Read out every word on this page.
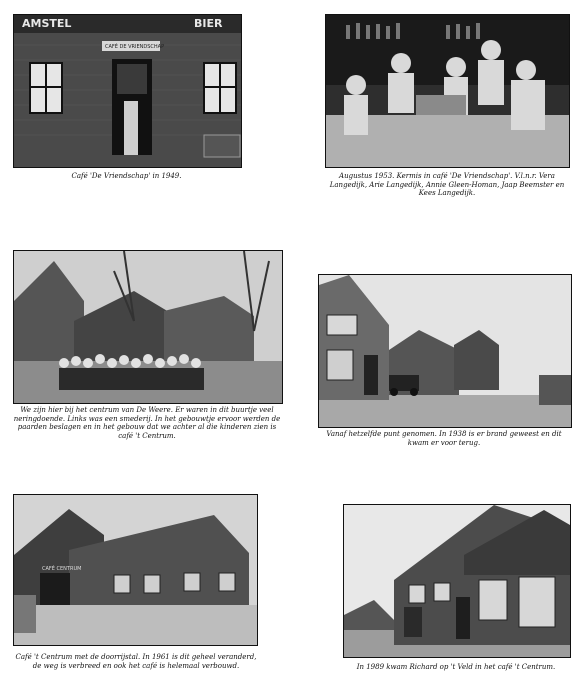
AMSTEL	BIER
CAFÉ DE VRIENDSCHAP
Café 'De Vriendschap' in 1949.	Augustus 1953. Kermis in café 'De Vriendschap'. V.l.n.r. Vera Langedijk, Arie Langedijk, Annie Gleen-Homan, Jaap Beemster en Kees Langedijk.
We zijn hier bij het centrum van De Weere. Er waren in dit buurtje veel neringdoende. Links was een smederij. In het gebouwtje ervoor werden de paarden beslagen en in het gebouw dat we achter al die kinderen zien is café 't Centrum.	Vanaf hetzelfde punt genomen. In 1938 is er brand geweest en dit kwam er voor terug.
CAFÉ CENTRUM
Café 't Centrum met de doorrijstal. In 1961 is dit geheel veranderd, de weg is verbreed en ook het café is helemaal verbouwd.	In 1989 kwam Richard op 't Veld in het café 't Centrum.
